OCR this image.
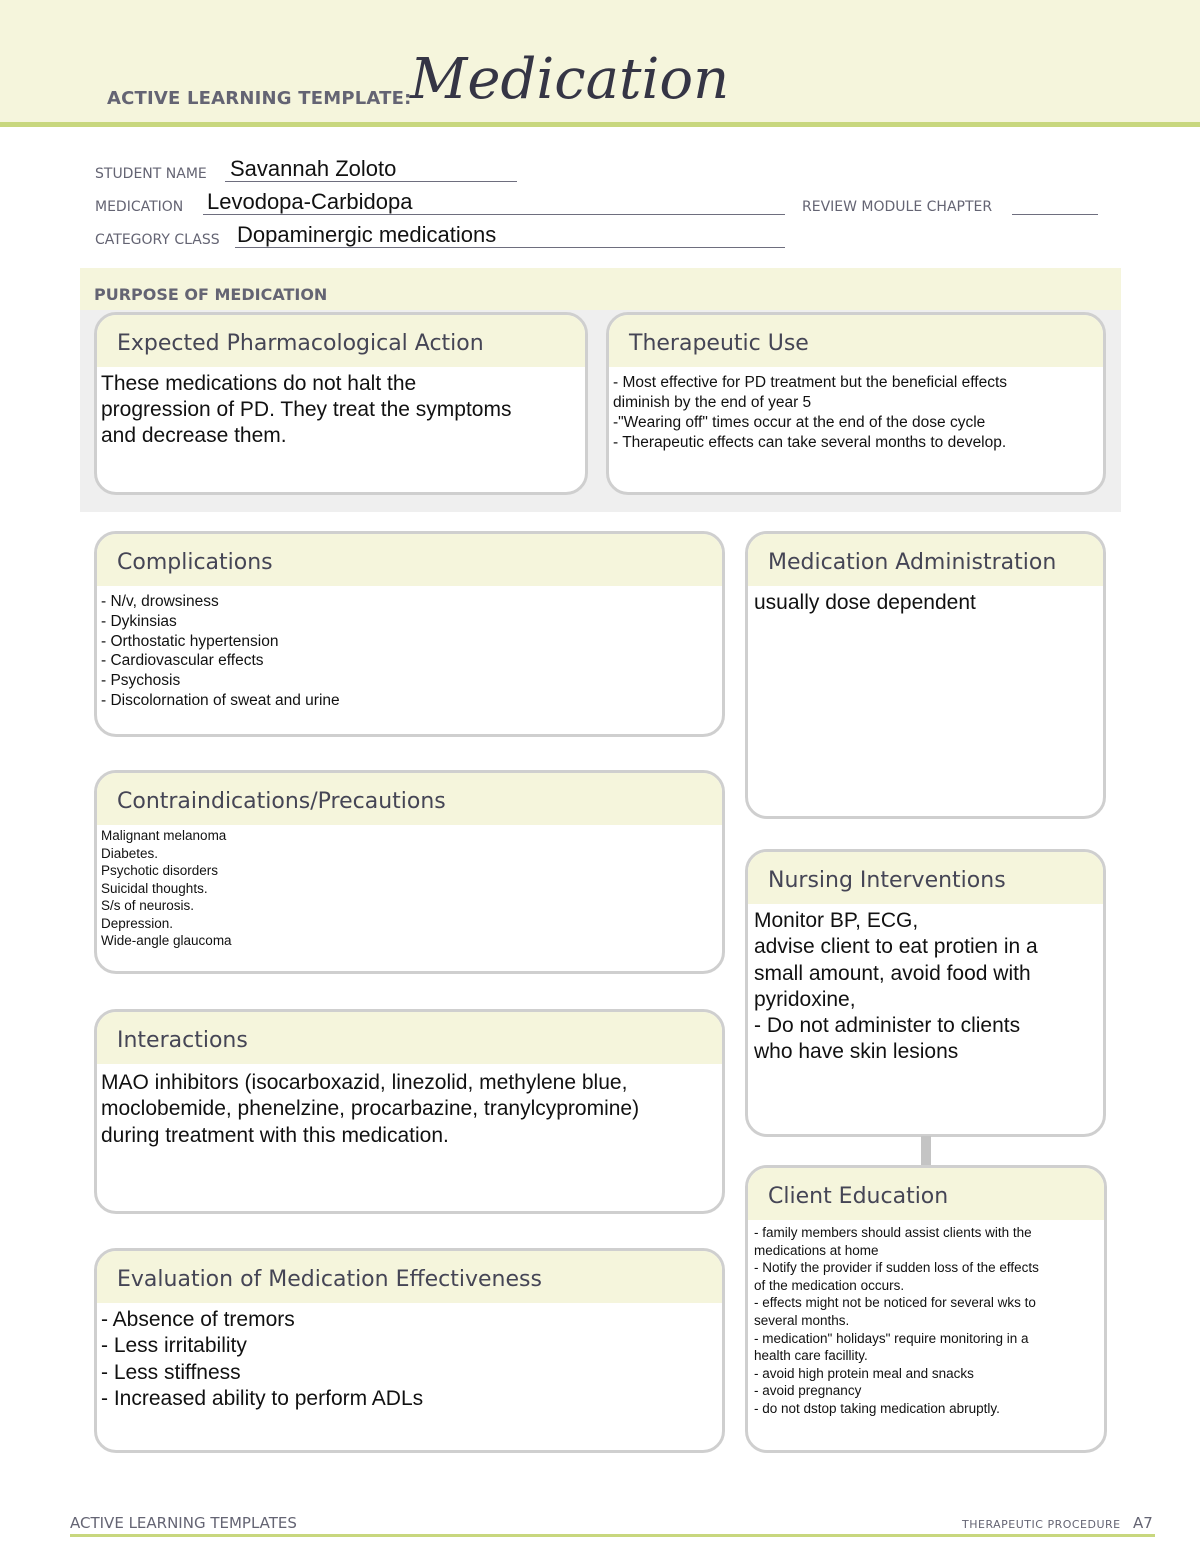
ACTIVE LEARNING TEMPLATE:
Medication
STUDENT NAME Savannah Zoloto
MEDICATION Levodopa-Carbidopa	REVIEW MODULE CHAPTER
CATEGORY CLASS Dopaminergic medications
PURPOSE OF MEDICATION
Expected Pharmacological Action
These medications do not halt the
progression of PD. They treat the symptoms
and decrease them.
Therapeutic Use
- Most effective for PD treatment but the beneficial effects
diminish by the end of year 5
-"Wearing off" times occur at the end of the dose cycle
- Therapeutic effects can take several months to develop.
Complications
- N/v, drowsiness
- Dykinsias
- Orthostatic hypertension
- Cardiovascular effects
- Psychosis
- Discolornation of sweat and urine
Medication Administration
usually dose dependent
Contraindications/Precautions
Malignant melanoma
Diabetes.
Psychotic disorders
Suicidal thoughts.
S/s of neurosis.
Depression.
Wide-angle glaucoma
Nursing Interventions
Monitor BP, ECG,
advise client to eat protien in a
small amount, avoid food with
pyridoxine,
- Do not administer to clients
who have skin lesions
Interactions
MAO inhibitors (isocarboxazid, linezolid, methylene blue,
moclobemide, phenelzine, procarbazine, tranylcypromine)
during treatment with this medication.
Client Education
- family members should assist clients with the
medications at home
- Notify the provider if sudden loss of the effects
of the medication occurs.
- effects might not be noticed for several wks to
several months.
- medication" holidays" require monitoring in a
health care facillity.
- avoid high protein meal and snacks
- avoid pregnancy
- do not dstop taking medication abruptly.
Evaluation of Medication Effectiveness
- Absence of tremors
- Less irritability
- Less stiffness
- Increased ability to perform ADLs
ACTIVE LEARNING TEMPLATES	THERAPEUTIC PROCEDURE A7
